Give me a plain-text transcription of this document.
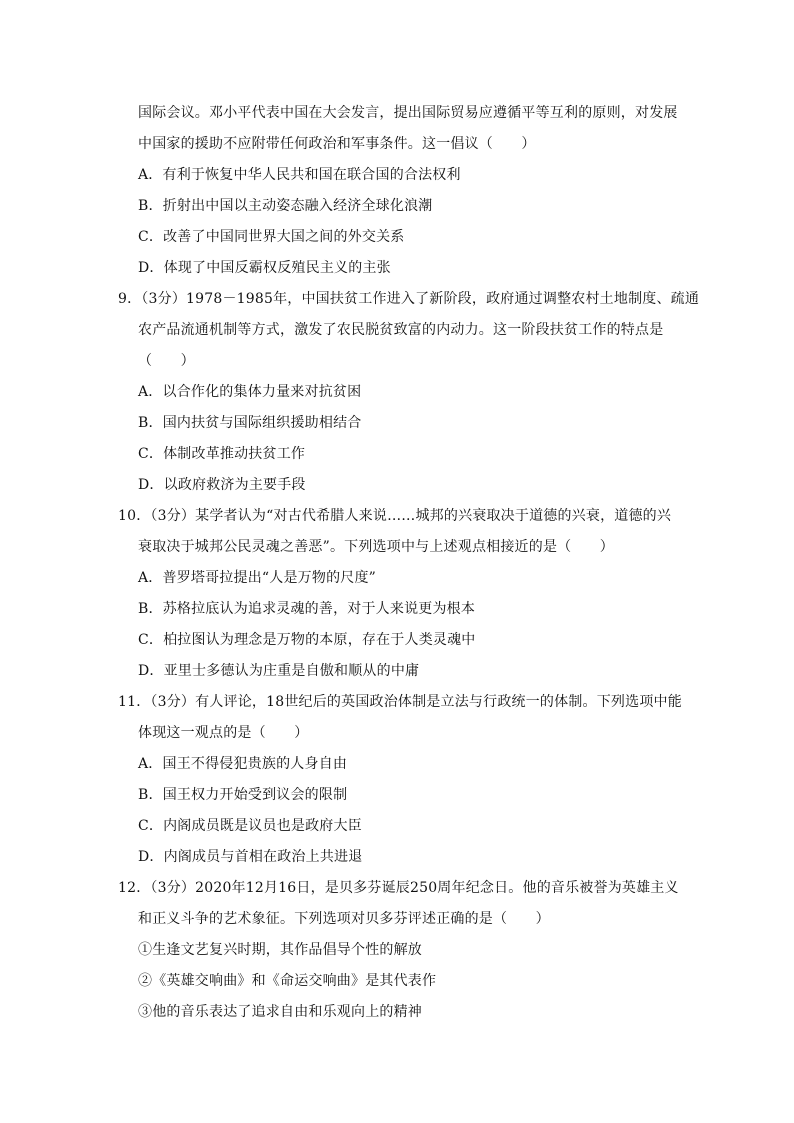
国际会议。邓小平代表中国在大会发言，提出国际贸易应遵循平等互利的原则，对发展
中国家的援助不应附带任何政治和军事条件。这一倡议（　　）
A．有利于恢复中华人民共和国在联合国的合法权利
B．折射出中国以主动姿态融入经济全球化浪潮
C．改善了中国同世界大国之间的外交关系
D．体现了中国反霸权反殖民主义的主张
9．（3分）1978－1985年，中国扶贫工作进入了新阶段，政府通过调整农村土地制度、疏通
农产品流通机制等方式，激发了农民脱贫致富的内动力。这一阶段扶贫工作的特点是
（　　）
A．以合作化的集体力量来对抗贫困
B．国内扶贫与国际组织援助相结合
C．体制改革推动扶贫工作
D．以政府救济为主要手段
10．（3分）某学者认为“对古代希腊人来说……城邦的兴衰取决于道德的兴衰，道德的兴
衰取决于城邦公民灵魂之善恶”。下列选项中与上述观点相接近的是（　　）
A．普罗塔哥拉提出“人是万物的尺度”
B．苏格拉底认为追求灵魂的善，对于人来说更为根本
C．柏拉图认为理念是万物的本原，存在于人类灵魂中
D．亚里士多德认为庄重是自傲和顺从的中庸
11．（3分）有人评论，18世纪后的英国政治体制是立法与行政统一的体制。下列选项中能
体现这一观点的是（　　）
A．国王不得侵犯贵族的人身自由
B．国王权力开始受到议会的限制
C．内阁成员既是议员也是政府大臣
D．内阁成员与首相在政治上共进退
12．（3分）2020年12月16日，是贝多芬诞辰250周年纪念日。他的音乐被誉为英雄主义
和正义斗争的艺术象征。下列选项对贝多芬评述正确的是（　　）
①生逢文艺复兴时期，其作品倡导个性的解放
②《英雄交响曲》和《命运交响曲》是其代表作
③他的音乐表达了追求自由和乐观向上的精神
